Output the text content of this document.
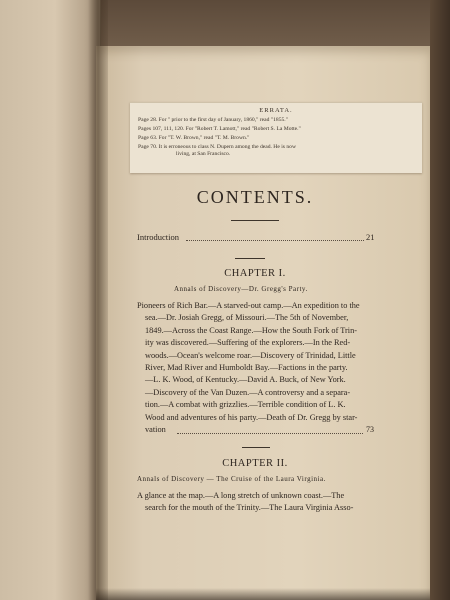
ERRATA.
Page 28. For " prior to the first day of January, 1860," read "1855."
Pages 107, 111, 120. For "Robert T. Lamott," read "Robert S. La Motte."
Page 63. For "T. W. Brown," read "T. M. Brown."
Page 70. It is erroneous to class N. Dupern among the dead. He is now
living, at San Francisco.
CONTENTS.
Introduction	21
CHAPTER I.
Annals of Discovery—Dr. Gregg's Party.
Pioneers of Rich Bar.—A starved-out camp.—An expedition to the
sea.—Dr. Josiah Gregg, of Missouri.—The 5th of November,
1849.—Across the Coast Range.—How the South Fork of Trin-
ity was discovered.—Suffering of the explorers.—In the Red-
woods.—Ocean's welcome roar.—Discovery of Trinidad, Little
River, Mad River and Humboldt Bay.—Factions in the party.
—L. K. Wood, of Kentucky.—David A. Buck, of New York.
—Discovery of the Van Duzen.—A controversy and a separa-
tion.—A combat with grizzlies.—Terrible condition of L. K.
Wood and adventures of his party.—Death of Dr. Gregg by star-
vation	73
CHAPTER II.
Annals of Discovery — The Cruise of the Laura Virginia.
A glance at the map.—A long stretch of unknown coast.—The
search for the mouth of the Trinity.—The Laura Virginia Asso-
